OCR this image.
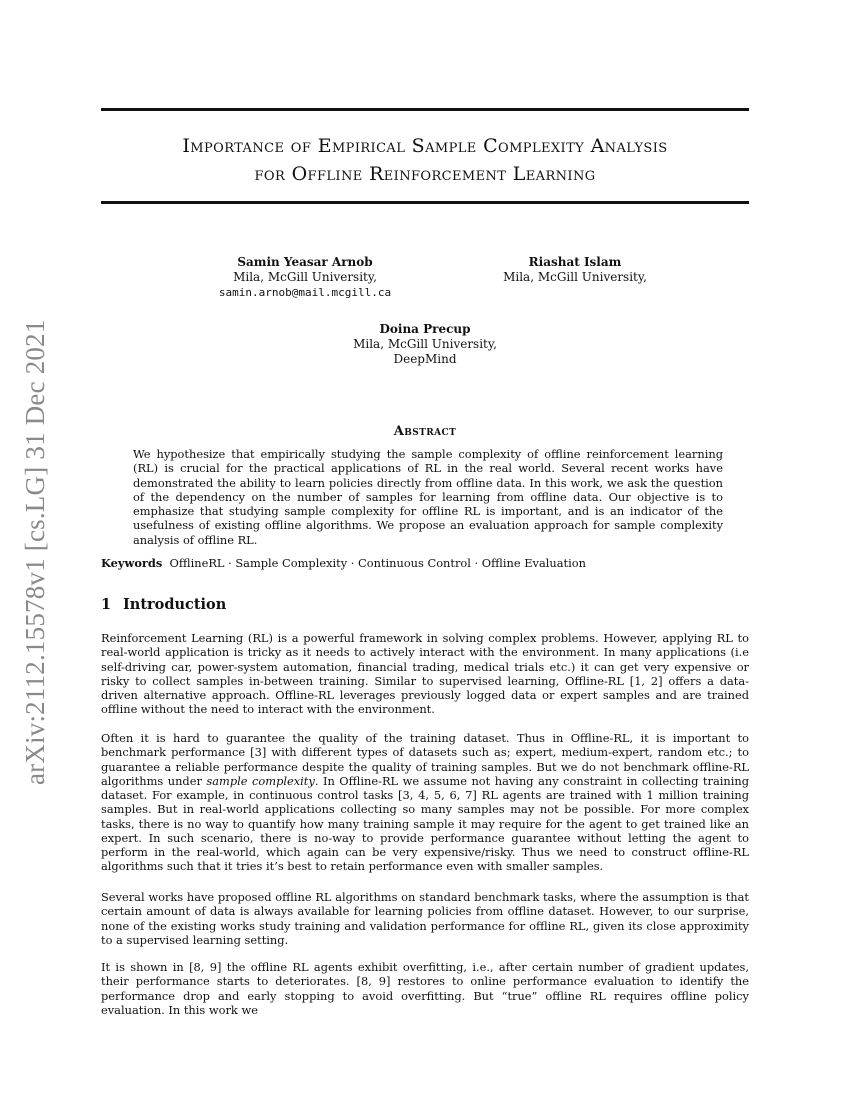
arXiv:2112.15578v1 [cs.LG] 31 Dec 2021
Importance of Empirical Sample Complexity Analysis
for Offline Reinforcement Learning
Samin Yeasar Arnob
Mila, McGill University,
samin.arnob@mail.mcgill.ca
Riashat Islam
Mila, McGill University,
Doina Precup
Mila, McGill University,
DeepMind
Abstract
We hypothesize that empirically studying the sample complexity of offline reinforcement learning (RL) is crucial for the practical applications of RL in the real world. Several recent works have demonstrated the ability to learn policies directly from offline data. In this work, we ask the question of the dependency on the number of samples for learning from offline data. Our objective is to emphasize that studying sample complexity for offline RL is important, and is an indicator of the usefulness of existing offline algorithms. We propose an evaluation approach for sample complexity analysis of offline RL.
Keywords OfflineRL · Sample Complexity · Continuous Control · Offline Evaluation
1 Introduction
Reinforcement Learning (RL) is a powerful framework in solving complex problems. However, applying RL to real-world application is tricky as it needs to actively interact with the environment. In many applications (i.e self-driving car, power-system automation, financial trading, medical trials etc.) it can get very expensive or risky to collect samples in-between training. Similar to supervised learning, Offline-RL [1, 2] offers a data-driven alternative approach. Offline-RL leverages previously logged data or expert samples and are trained offline without the need to interact with the environment.
Often it is hard to guarantee the quality of the training dataset. Thus in Offline-RL, it is important to benchmark performance [3] with different types of datasets such as; expert, medium-expert, random etc.; to guarantee a reliable performance despite the quality of training samples. But we do not benchmark offline-RL algorithms under sample complexity. In Offline-RL we assume not having any constraint in collecting training dataset. For example, in continuous control tasks [3, 4, 5, 6, 7] RL agents are trained with 1 million training samples. But in real-world applications collecting so many samples may not be possible. For more complex tasks, there is no way to quantify how many training sample it may require for the agent to get trained like an expert. In such scenario, there is no-way to provide performance guarantee without letting the agent to perform in the real-world, which again can be very expensive/risky. Thus we need to construct offline-RL algorithms such that it tries it’s best to retain performance even with smaller samples.
Several works have proposed offline RL algorithms on standard benchmark tasks, where the assumption is that certain amount of data is always available for learning policies from offline dataset. However, to our surprise, none of the existing works study training and validation performance for offline RL, given its close approximity to a supervised learning setting.
It is shown in [8, 9] the offline RL agents exhibit overfitting, i.e., after certain number of gradient updates, their performance starts to deteriorates. [8, 9] restores to online performance evaluation to identify the performance drop and early stopping to avoid overfitting. But “true” offline RL requires offline policy evaluation. In this work we
